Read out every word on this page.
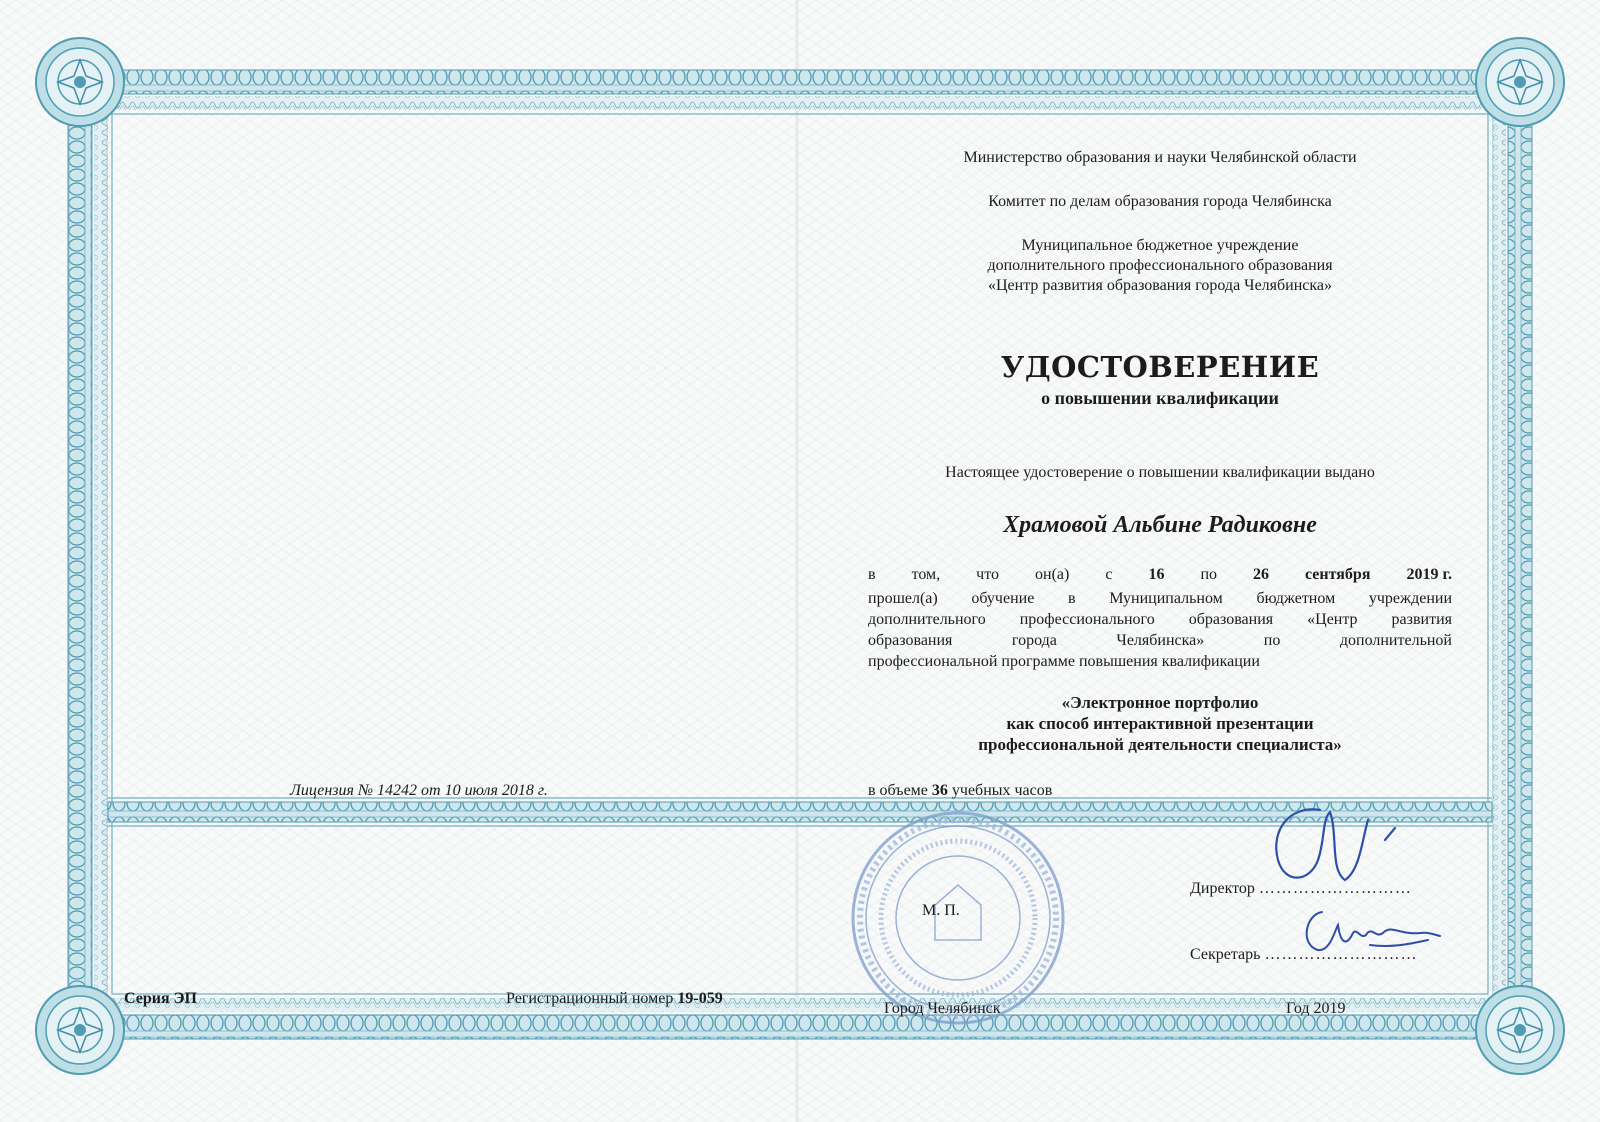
Министерство образования и науки Челябинской области
Комитет по делам образования города Челябинска
Муниципальное бюджетное учреждение
дополнительного профессионального образования
«Центр развития образования города Челябинска»
УДОСТОВЕРЕНИЕ
о повышении квалификации
Настоящее удостоверение о повышении квалификации выдано
Храмовой Альбине Радиковне
в том, что он(а) с 16 по 26 сентября 2019 г.
прошел(а) обучение в Муниципальном бюджетном учреждении
дополнительного профессионального образования «Центр развития
образования города Челябинска» по дополнительной
профессиональной программе повышения квалификации
«Электронное портфолио
как способ интерактивной презентации
профессиональной деятельности специалиста»
в объеме 36 учебных часов
Лицензия № 14242 от 10 июля 2018 г.
Серия ЭП	Регистрационный номер 19-059
М. П.
Директор ………………………
Секретарь ………………………
Город Челябинск	Год 2019
